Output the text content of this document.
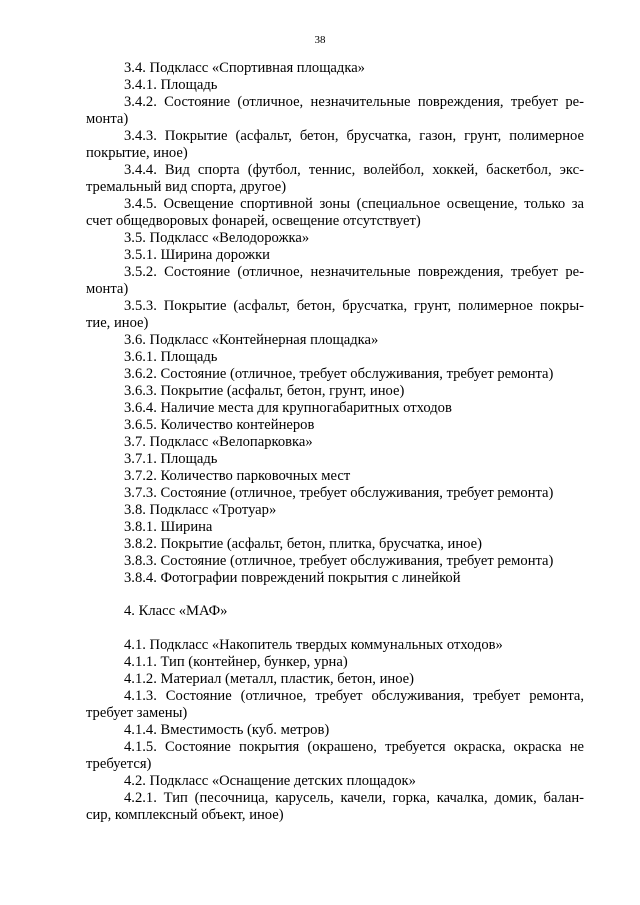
38
3.4. Подкласс «Спортивная площадка»
3.4.1. Площадь
3.4.2. Состояние (отличное, незначительные повреждения, требует ре-
монта)
3.4.3. Покрытие (асфальт, бетон, брусчатка, газон, грунт, полимерное
покрытие, иное)
3.4.4. Вид спорта (футбол, теннис, волейбол, хоккей, баскетбол, экс-
тремальный вид спорта, другое)
3.4.5. Освещение спортивной зоны (специальное освещение, только за
счет общедворовых фонарей, освещение отсутствует)
3.5. Подкласс «Велодорожка»
3.5.1. Ширина дорожки
3.5.2. Состояние (отличное, незначительные повреждения, требует ре-
монта)
3.5.3. Покрытие (асфальт, бетон, брусчатка, грунт, полимерное покры-
тие, иное)
3.6. Подкласс «Контейнерная площадка»
3.6.1. Площадь
3.6.2. Состояние (отличное, требует обслуживания, требует ремонта)
3.6.3. Покрытие (асфальт, бетон, грунт, иное)
3.6.4. Наличие места для крупногабаритных отходов
3.6.5. Количество контейнеров
3.7. Подкласс «Велопарковка»
3.7.1. Площадь
3.7.2. Количество парковочных мест
3.7.3. Состояние (отличное, требует обслуживания, требует ремонта)
3.8. Подкласс «Тротуар»
3.8.1. Ширина
3.8.2. Покрытие (асфальт, бетон, плитка, брусчатка, иное)
3.8.3. Состояние (отличное, требует обслуживания, требует ремонта)
3.8.4. Фотографии повреждений покрытия с линейкой
4. Класс «МАФ»
4.1. Подкласс «Накопитель твердых коммунальных отходов»
4.1.1. Тип (контейнер, бункер, урна)
4.1.2. Материал (металл, пластик, бетон, иное)
4.1.3. Состояние (отличное, требует обслуживания, требует ремонта,
требует замены)
4.1.4. Вместимость (куб. метров)
4.1.5. Состояние покрытия (окрашено, требуется окраска, окраска не
требуется)
4.2. Подкласс «Оснащение детских площадок»
4.2.1. Тип (песочница, карусель, качели, горка, качалка, домик, балан-
сир, комплексный объект, иное)
